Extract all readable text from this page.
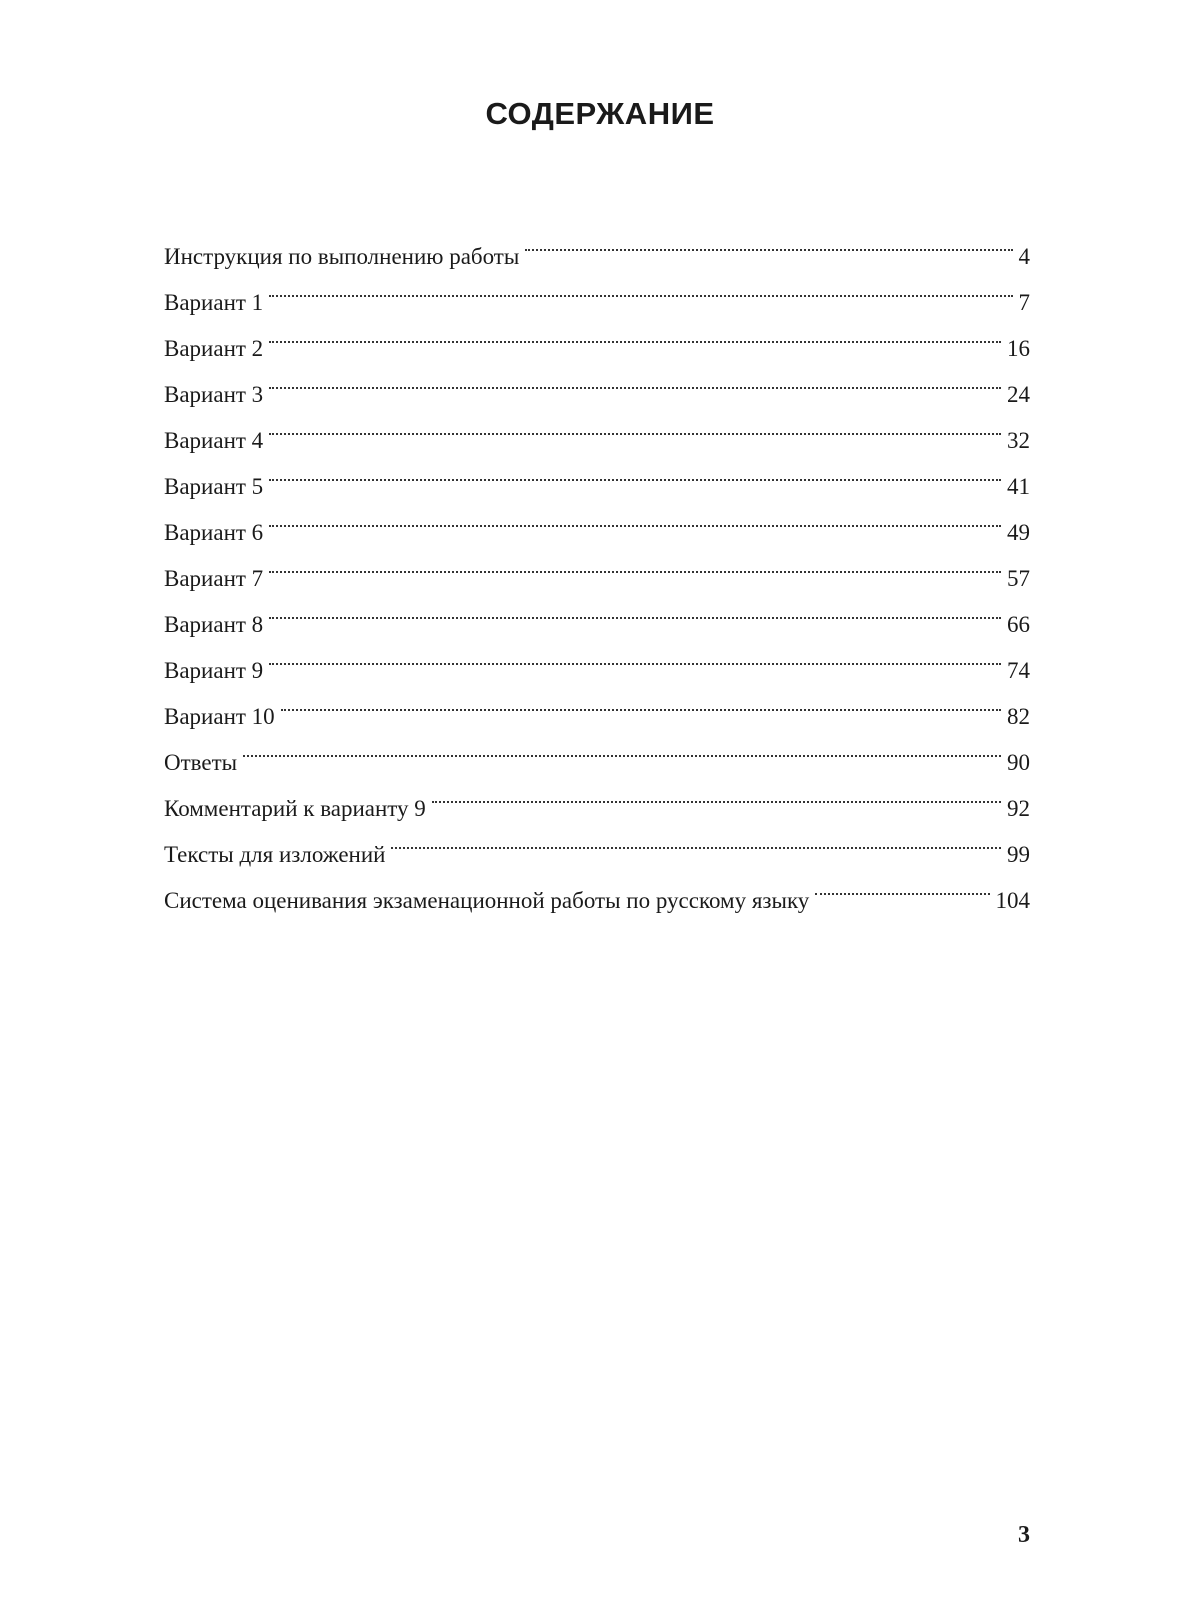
СОДЕРЖАНИЕ
Инструкция по выполнению работы	4
Вариант 1	7
Вариант 2	16
Вариант 3	24
Вариант 4	32
Вариант 5	41
Вариант 6	49
Вариант 7	57
Вариант 8	66
Вариант 9	74
Вариант 10	82
Ответы	90
Комментарий к варианту 9	92
Тексты для изложений	99
Система оценивания экзаменационной работы по русскому языку	104

3
